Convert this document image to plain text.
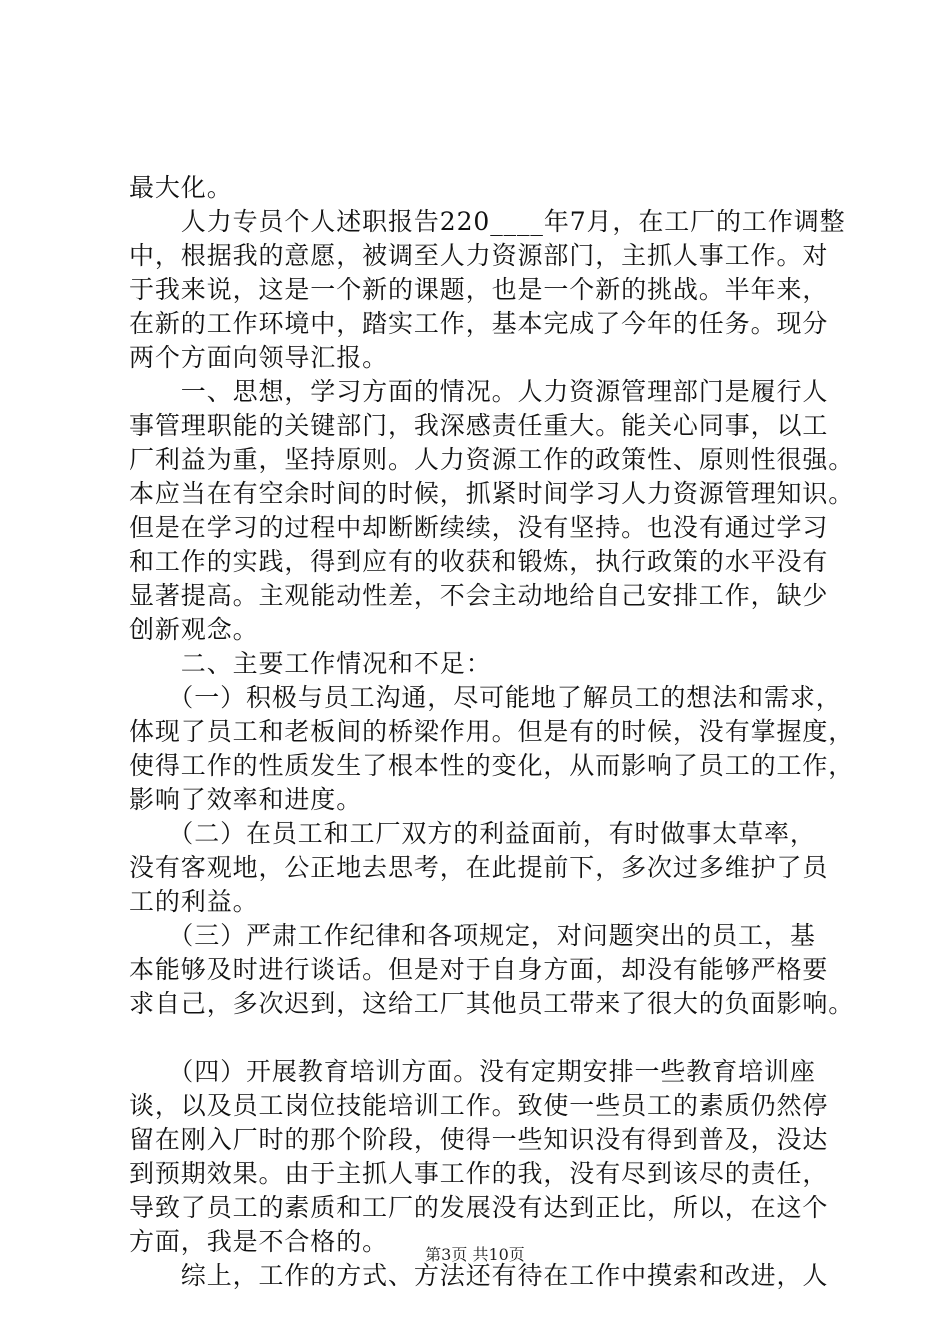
最大化。
　　人力专员个人述职报告220____年7月，在工厂的工作调整
中，根据我的意愿，被调至人力资源部门，主抓人事工作。对
于我来说，这是一个新的课题，也是一个新的挑战。半年来，
在新的工作环境中，踏实工作，基本完成了今年的任务。现分
两个方面向领导汇报。
　　一、思想，学习方面的情况。人力资源管理部门是履行人
事管理职能的关键部门，我深感责任重大。能关心同事，以工
厂利益为重，坚持原则。人力资源工作的政策性、原则性很强。
本应当在有空余时间的时候，抓紧时间学习人力资源管理知识。
但是在学习的过程中却断断续续，没有坚持。也没有通过学习
和工作的实践，得到应有的收获和锻炼，执行政策的水平没有
显著提高。主观能动性差，不会主动地给自己安排工作，缺少
创新观念。
　　二、主要工作情况和不足：
　　（一）积极与员工沟通，尽可能地了解员工的想法和需求，
体现了员工和老板间的桥梁作用。但是有的时候，没有掌握度，
使得工作的性质发生了根本性的变化，从而影响了员工的工作，
影响了效率和进度。
　　（二）在员工和工厂双方的利益面前，有时做事太草率，
没有客观地，公正地去思考，在此提前下，多次过多维护了员
工的利益。
　　（三）严肃工作纪律和各项规定，对问题突出的员工，基
本能够及时进行谈话。但是对于自身方面，却没有能够严格要
求自己，多次迟到，这给工厂其他员工带来了很大的负面影响。
　　（四）开展教育培训方面。没有定期安排一些教育培训座
谈，以及员工岗位技能培训工作。致使一些员工的素质仍然停
留在刚入厂时的那个阶段，使得一些知识没有得到普及，没达
到预期效果。由于主抓人事工作的我，没有尽到该尽的责任，
导致了员工的素质和工厂的发展没有达到正比，所以，在这个
方面，我是不合格的。
　　综上，工作的方式、方法还有待在工作中摸索和改进，人
第3页 共10页
